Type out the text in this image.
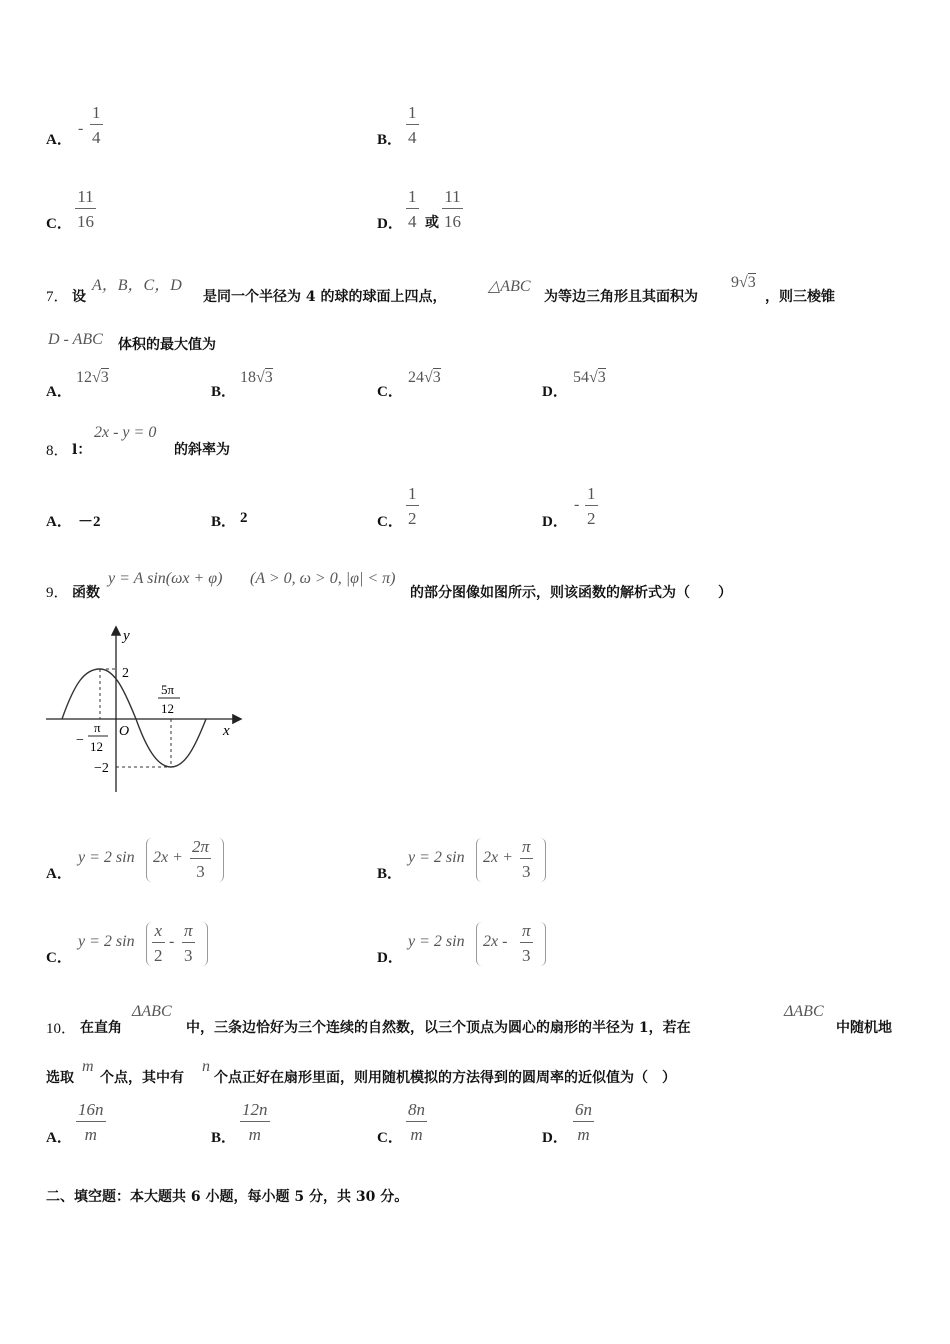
A．
-
1
4	B．
1
4
C．
11
16	D．
1
4 或
11
16
7． 设
A，B，C，D
是同一个半径为 4 的球的球面上四点，
△ABC
为等边三角形且其面积为
9√3
，则三棱锥
D - ABC 体积的最大值为
A．
12√3
B．
18√3
C．
24√3
D．
54√3
8． l：
2x - y = 0
的斜率为
A． －2	B． 2	C．
1
2	D．
-
1
2
9． 函数
y = A sin(ωx + φ) (A > 0, ω > 0, |φ| < π)
的部分图像如图所示，则该函数的解析式为（　　）
y
x
O
2
−2
−
π
12
5π
12
A．
y = 2 sin 2x +
2π
3	B．
y = 2 sin 2x +
π
3
C．
y = 2 sin
x
2
-
π
3	D．
y = 2 sin 2x -
π
3
10． 在直角
ΔABC
中，三条边恰好为三个连续的自然数，以三个顶点为圆心的扇形的半径为 1，若在
ΔABC
中随机地
选取
m
个点，其中有
n
个点正好在扇形里面，则用随机模拟的方法得到的圆周率的近似值为（　）
A．
16n
m	B．
12n
m	C．
8n
m	D．
6n
m
二、填空题：本大题共 6 小题，每小题 5 分，共 30 分。
